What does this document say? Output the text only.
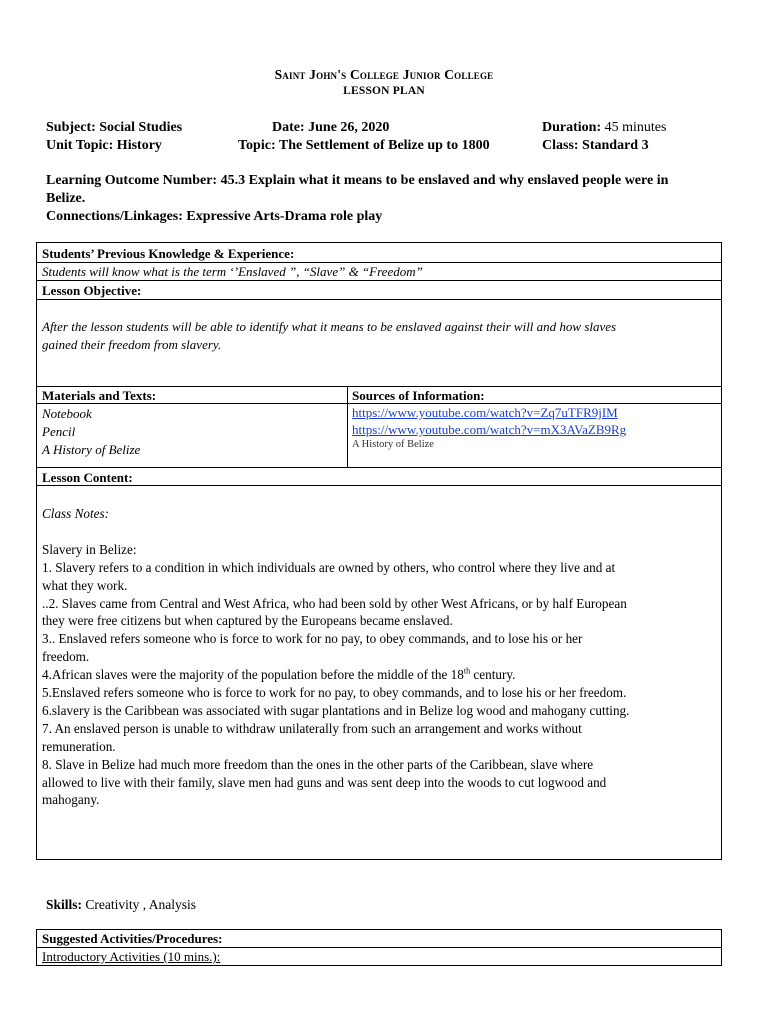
Saint John's College Junior College
LESSON PLAN
Subject: Social Studies	Date: June 26, 2020	Duration: 45 minutes
Unit Topic: History	Topic: The Settlement of Belize up to 1800	Class: Standard 3
Learning Outcome Number: 45.3 Explain what it means to be enslaved and why enslaved people were in
Belize.
Connections/Linkages: Expressive Arts-Drama role play
Students’ Previous Knowledge & Experience:
Students will know what is the term ‘’Enslaved ”, “Slave” & “Freedom”
Lesson Objective:
After the lesson students will be able to identify what it means to be enslaved against their will and how slaves
gained their freedom from slavery.
Materials and Texts:
Notebook
Pencil
A History of Belize
Sources of Information:
https://www.youtube.com/watch?v=Zq7uTFR9jIM
https://www.youtube.com/watch?v=mX3AVaZB9Rg
A History of Belize
Lesson Content:
Class Notes:
Slavery in Belize:
1. Slavery refers to a condition in which individuals are owned by others, who control where they live and at
what they work.
..2. Slaves came from Central and West Africa, who had been sold by other West Africans, or by half European
they were free citizens but when captured by the Europeans became enslaved.
3.. Enslaved refers someone who is force to work for no pay, to obey commands, and to lose his or her
freedom.
4.African slaves were the majority of the population before the middle of the 18th century.
5.Enslaved refers someone who is force to work for no pay, to obey commands, and to lose his or her freedom.
6.slavery is the Caribbean was associated with sugar plantations and in Belize log wood and mahogany cutting.
7. An enslaved person is unable to withdraw unilaterally from such an arrangement and works without
remuneration.
8. Slave in Belize had much more freedom than the ones in the other parts of the Caribbean, slave where
allowed to live with their family, slave men had guns and was sent deep into the woods to cut logwood and
mahogany.
Skills: Creativity , Analysis
Suggested Activities/Procedures:
Introductory Activities (10 mins.):
